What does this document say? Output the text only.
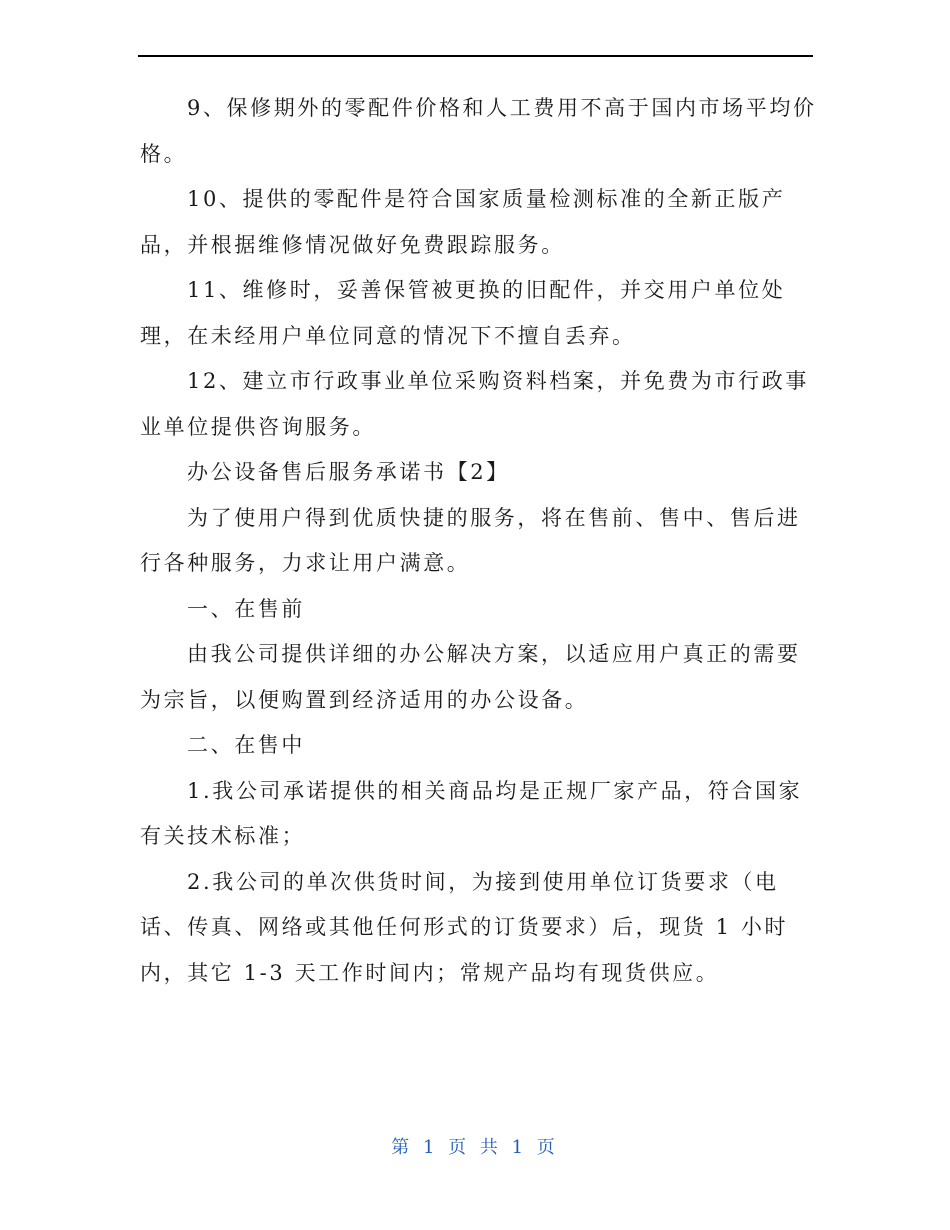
9、保修期外的零配件价格和人工费用不高于国内市场平均价
格。

10、提供的零配件是符合国家质量检测标准的全新正版产
品，并根据维修情况做好免费跟踪服务。

11、维修时，妥善保管被更换的旧配件，并交用户单位处
理，在未经用户单位同意的情况下不擅自丢弃。

12、建立市行政事业单位采购资料档案，并免费为市行政事
业单位提供咨询服务。

办公设备售后服务承诺书【2】

为了使用户得到优质快捷的服务，将在售前、售中、售后进
行各种服务，力求让用户满意。

一、在售前

由我公司提供详细的办公解决方案，以适应用户真正的需要
为宗旨，以便购置到经济适用的办公设备。

二、在售中

1.我公司承诺提供的相关商品均是正规厂家产品，符合国家
有关技术标准；

2.我公司的单次供货时间，为接到使用单位订货要求（电
话、传真、网络或其他任何形式的订货要求）后，现货 1 小时
内，其它 1-3 天工作时间内；常规产品均有现货供应。

第 1 页 共 1 页
